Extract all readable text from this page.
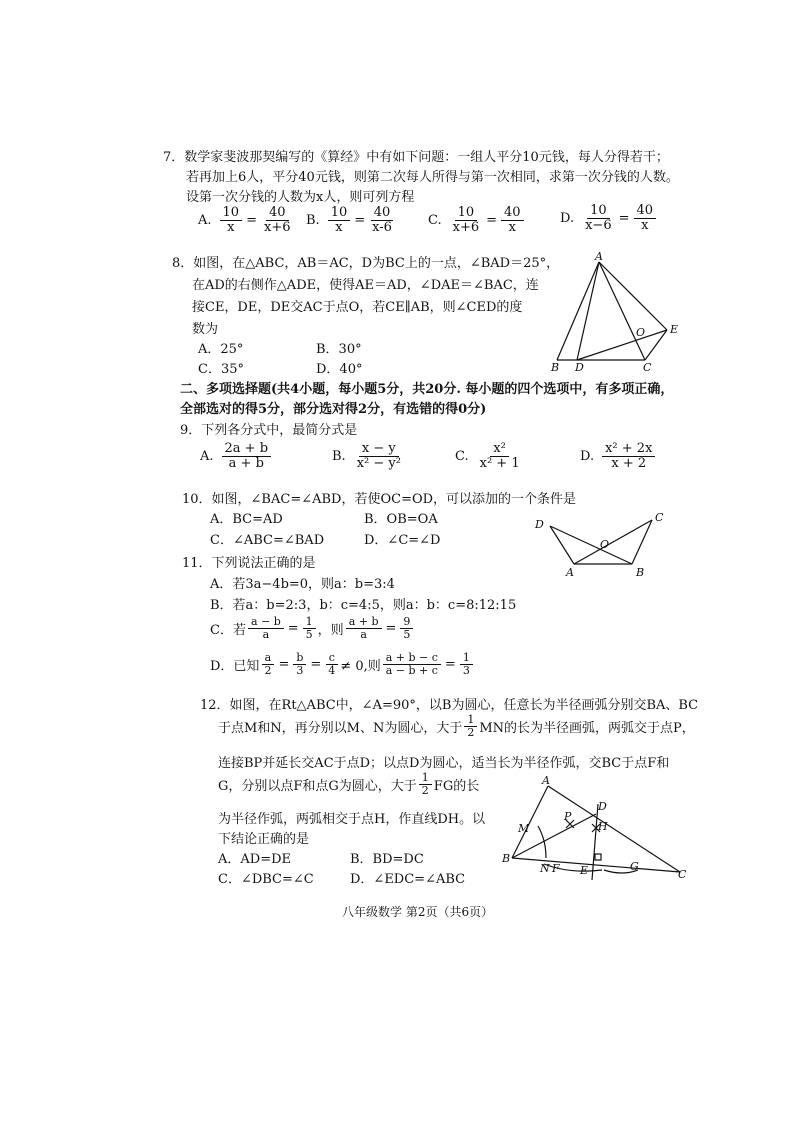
7．数学家斐波那契编写的《算经》中有如下问题：一组人平分10元钱，每人分得若干；
若再加上6人，平分40元钱，则第二次每人所得与第一次相同，求第一次分钱的人数。
设第一次分钱的人数为x人，则可列方程
A. $\frac{10}{x} = \frac{40}{x+6} B$. $\frac{10}{x} = \frac{40}{x-6}$	C. $\frac{10}{x+6} = \frac{40}{x}$	D. $\frac{10}{x-6} = \frac{40}{x}$
8．如图，在△ABC，AB＝AC，D为BC上的一点，∠BAD＝25°，
在AD的右侧作△ADE，使得AE＝AD，∠DAE＝∠BAC，连
接CE，DE，DE交AC于点O，若CE∥AB，则∠CED的度
数为
A．25°	B．30°
C．35°	D．40°
A
B D	C
O E
二、多项选择题(共4小题，每小题5分，共20分. 每小题的四个选项中，有多项正确，
全部选对的得5分，部分选对得2分，有选错的得0分)
9．下列各分式中，最简分式是
A. $\frac{2a + b}{a + b}$	B. $\frac{x - y}{\text{x² − y²}}$	C. $\frac{\text{x²}}{\text{x² + 1}}$	D. $\frac{\text{x² + 2x}}{x + 2}$
10．如图，∠BAC=∠ABD，若使OC=OD，可以添加的一个条件是
A．BC=AD	B．OB=OA
C．∠ABC=∠BAD	D．∠C=∠D
D
C
O
A	B
11．下列说法正确的是
A．若3a−4b=0，则a：b=3:4
B．若a：b=2:3，b：c=4:5，则a：b：c=8:12:15
C．若 $\frac{a - b}{a} = \frac{1}{5}$ ，则 $\frac{a + b}{a} = \frac{9}{5}$
D．已知 $\frac{a}{2} = \frac{b}{3} = \frac{c}{4} \ne 0$,则 $\frac{a + b - c}{a - b + c} = \frac{1}{3}$
12．如图，在Rt△ABC中，∠A=90°，以B为圆心，任意长为半径画弧分别交BA、BC
于点M和N，再分别以M、N为圆心，大于 $\frac{1}{2}$ MN的长为半径画弧，两弧交于点P，
连接BP并延长交AC于点D；以点D为圆心，适当长为半径作弧，交BC于点F和
G，分别以点F和点G为圆心，大于 $\frac{1}{2}$ FG的长
为半径作弧，两弧相交于点H，作直线DH。以
下结论正确的是
A．AD=DE	B．BD=DC
C．∠DBC=∠C	D．∠EDC=∠ABC
A
D
M
P
H
B
N F E	G
C
八年级数学 第2页（共6页）
